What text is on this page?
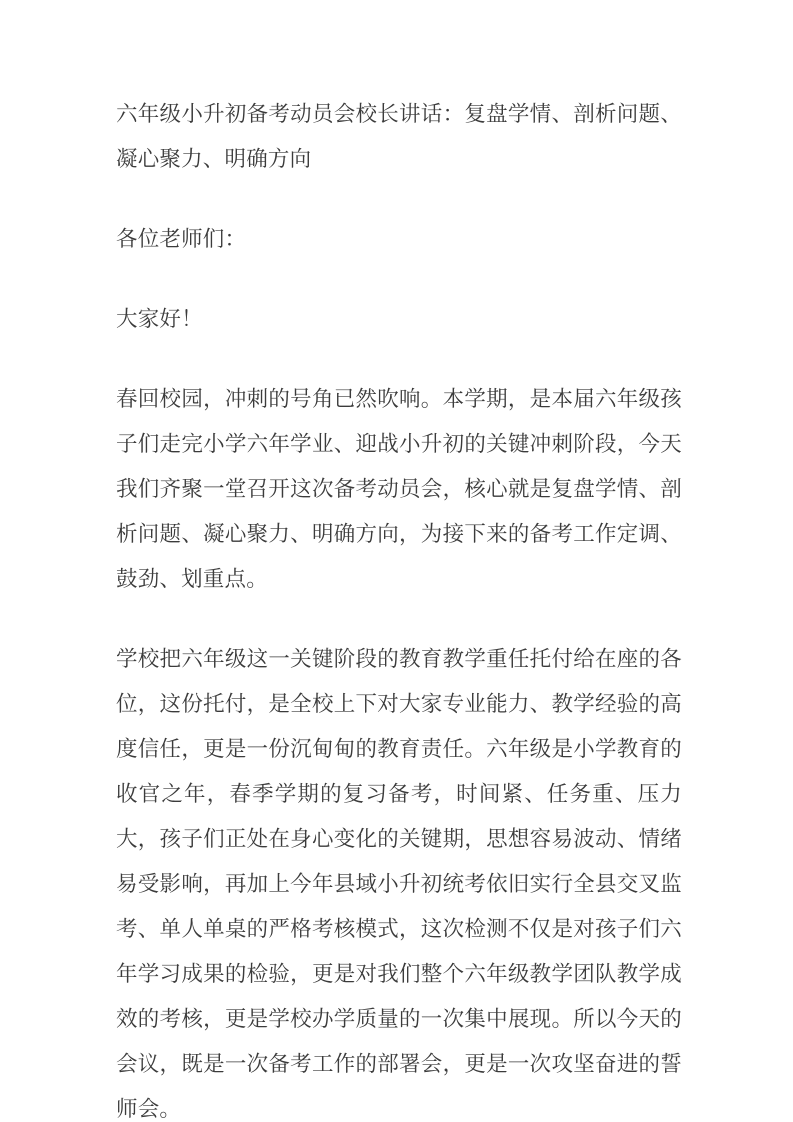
六年级小升初备考动员会校长讲话：复盘学情、剖析问题、凝心聚力、明确方向

各位老师们：

大家好！

春回校园，冲刺的号角已然吹响。本学期，是本届六年级孩子们走完小学六年学业、迎战小升初的关键冲刺阶段，今天我们齐聚一堂召开这次备考动员会，核心就是复盘学情、剖析问题、凝心聚力、明确方向，为接下来的备考工作定调、鼓劲、划重点。

学校把六年级这一关键阶段的教育教学重任托付给在座的各位，这份托付，是全校上下对大家专业能力、教学经验的高度信任，更是一份沉甸甸的教育责任。六年级是小学教育的收官之年，春季学期的复习备考，时间紧、任务重、压力大，孩子们正处在身心变化的关键期，思想容易波动、情绪易受影响，再加上今年县域小升初统考依旧实行全县交叉监考、单人单桌的严格考核模式，这次检测不仅是对孩子们六年学习成果的检验，更是对我们整个六年级教学团队教学成效的考核，更是学校办学质量的一次集中展现。所以今天的会议，既是一次备考工作的部署会，更是一次攻坚奋进的誓师会。
